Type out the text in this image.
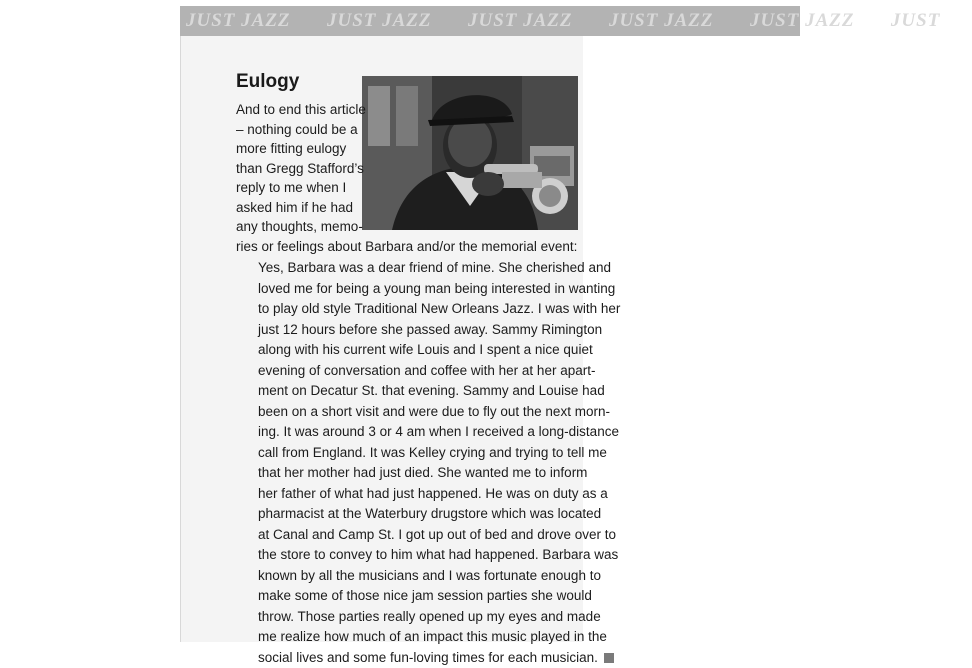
JUST JAZZ JUST JAZZ JUST JAZZ JUST JAZZ JUST JAZZ JUST
Eulogy
And to end this article
– nothing could be a
more fitting eulogy
than Gregg Stafford’s
reply to me when I
asked him if he had
any thoughts, memo-
ries or feelings about Barbara and/or the memorial event:
Yes, Barbara was a dear friend of mine. She cherished and
loved me for being a young man being interested in wanting
to play old style Traditional New Orleans Jazz. I was with her
just 12 hours before she passed away. Sammy Rimington
along with his current wife Louis and I spent a nice quiet
evening of conversation and coffee with her at her apart-
ment on Decatur St. that evening. Sammy and Louise had
been on a short visit and were due to fly out the next morn-
ing. It was around 3 or 4 am when I received a long-distance
call from England. It was Kelley crying and trying to tell me
that her mother had just died. She wanted me to inform
her father of what had just happened. He was on duty as a
pharmacist at the Waterbury drugstore which was located
at Canal and Camp St. I got up out of bed and drove over to
the store to convey to him what had happened. Barbara was
known by all the musicians and I was fortunate enough to
make some of those nice jam session parties she would
throw. Those parties really opened up my eyes and made
me realize how much of an impact this music played in the
social lives and some fun-loving times for each musician.
